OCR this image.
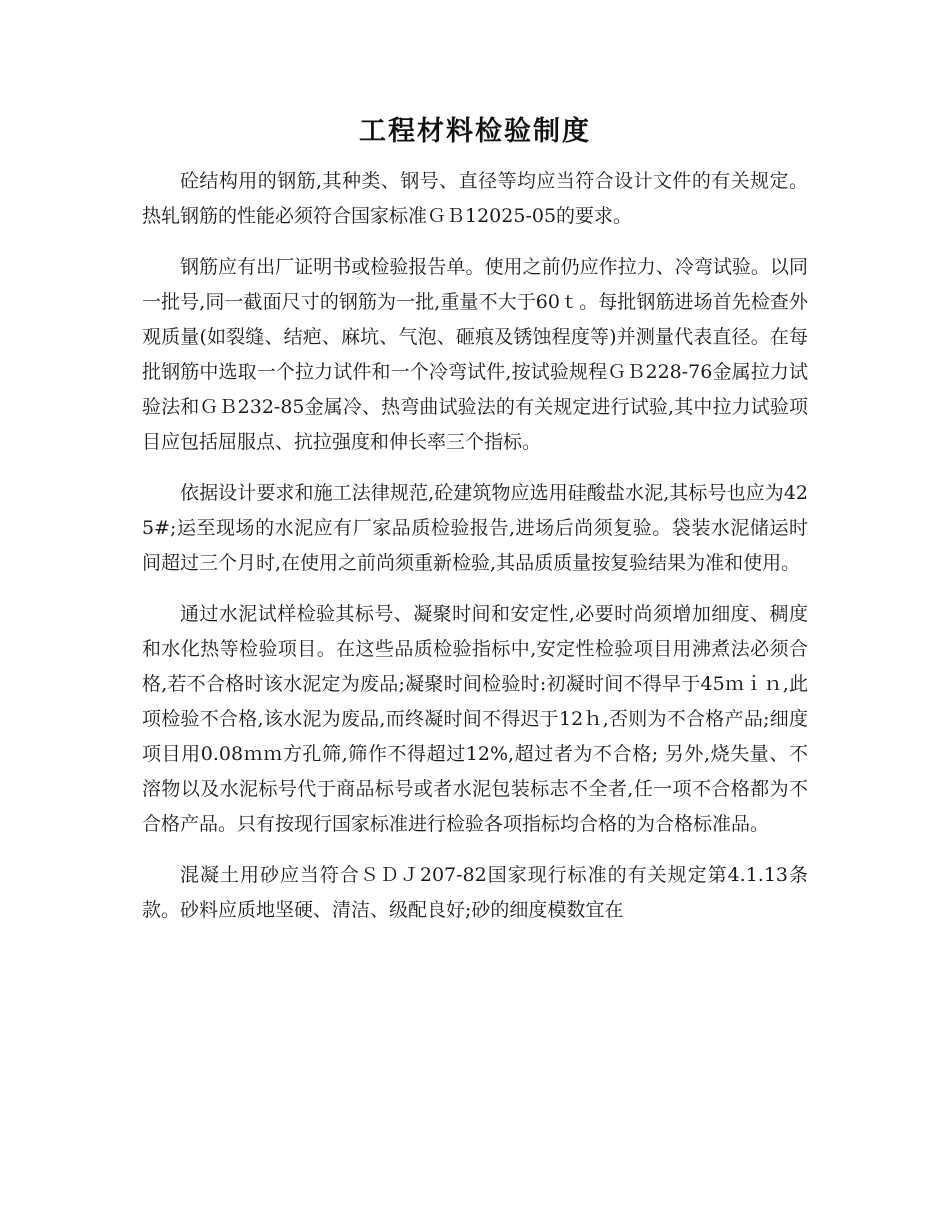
工程材料检验制度

砼结构用的钢筋,其种类、钢号、直径等均应当符合设计文件的有关规定。热轧钢筋的性能必须符合国家标准ＧＢ12025-05的要求。

钢筋应有出厂证明书或检验报告单。使用之前仍应作拉力、冷弯试验。以同一批号,同一截面尺寸的钢筋为一批,重量不大于60ｔ。每批钢筋进场首先检查外观质量(如裂缝、结疤、麻坑、气泡、砸痕及锈蚀程度等)并测量代表直径。在每批钢筋中选取一个拉力试件和一个冷弯试件,按试验规程ＧＢ228-76金属拉力试验法和ＧＢ232-85金属冷、热弯曲试验法的有关规定进行试验,其中拉力试验项目应包括屈服点、抗拉强度和伸长率三个指标。

依据设计要求和施工法律规范,砼建筑物应选用硅酸盐水泥,其标号也应为425#;运至现场的水泥应有厂家品质检验报告,进场后尚须复验。袋装水泥储运时间超过三个月时,在使用之前尚须重新检验,其品质质量按复验结果为准和使用。

通过水泥试样检验其标号、凝聚时间和安定性,必要时尚须增加细度、稠度和水化热等检验项目。在这些品质检验指标中,安定性检验项目用沸煮法必须合格,若不合格时该水泥定为废品;凝聚时间检验时:初凝时间不得早于45ｍｉｎ,此项检验不合格,该水泥为废品,而终凝时间不得迟于12ｈ,否则为不合格产品;细度项目用0.08ｍｍ方孔筛,筛作不得超过12%,超过者为不合格; 另外,烧失量、不溶物以及水泥标号代于商品标号或者水泥包装标志不全者,任一项不合格都为不合格产品。只有按现行国家标准进行检验各项指标均合格的为合格标准品。

混凝土用砂应当符合ＳＤＪ207-82国家现行标准的有关规定第4.1.13条款。砂料应质地坚硬、清洁、级配良好;砂的细度模数宜在
